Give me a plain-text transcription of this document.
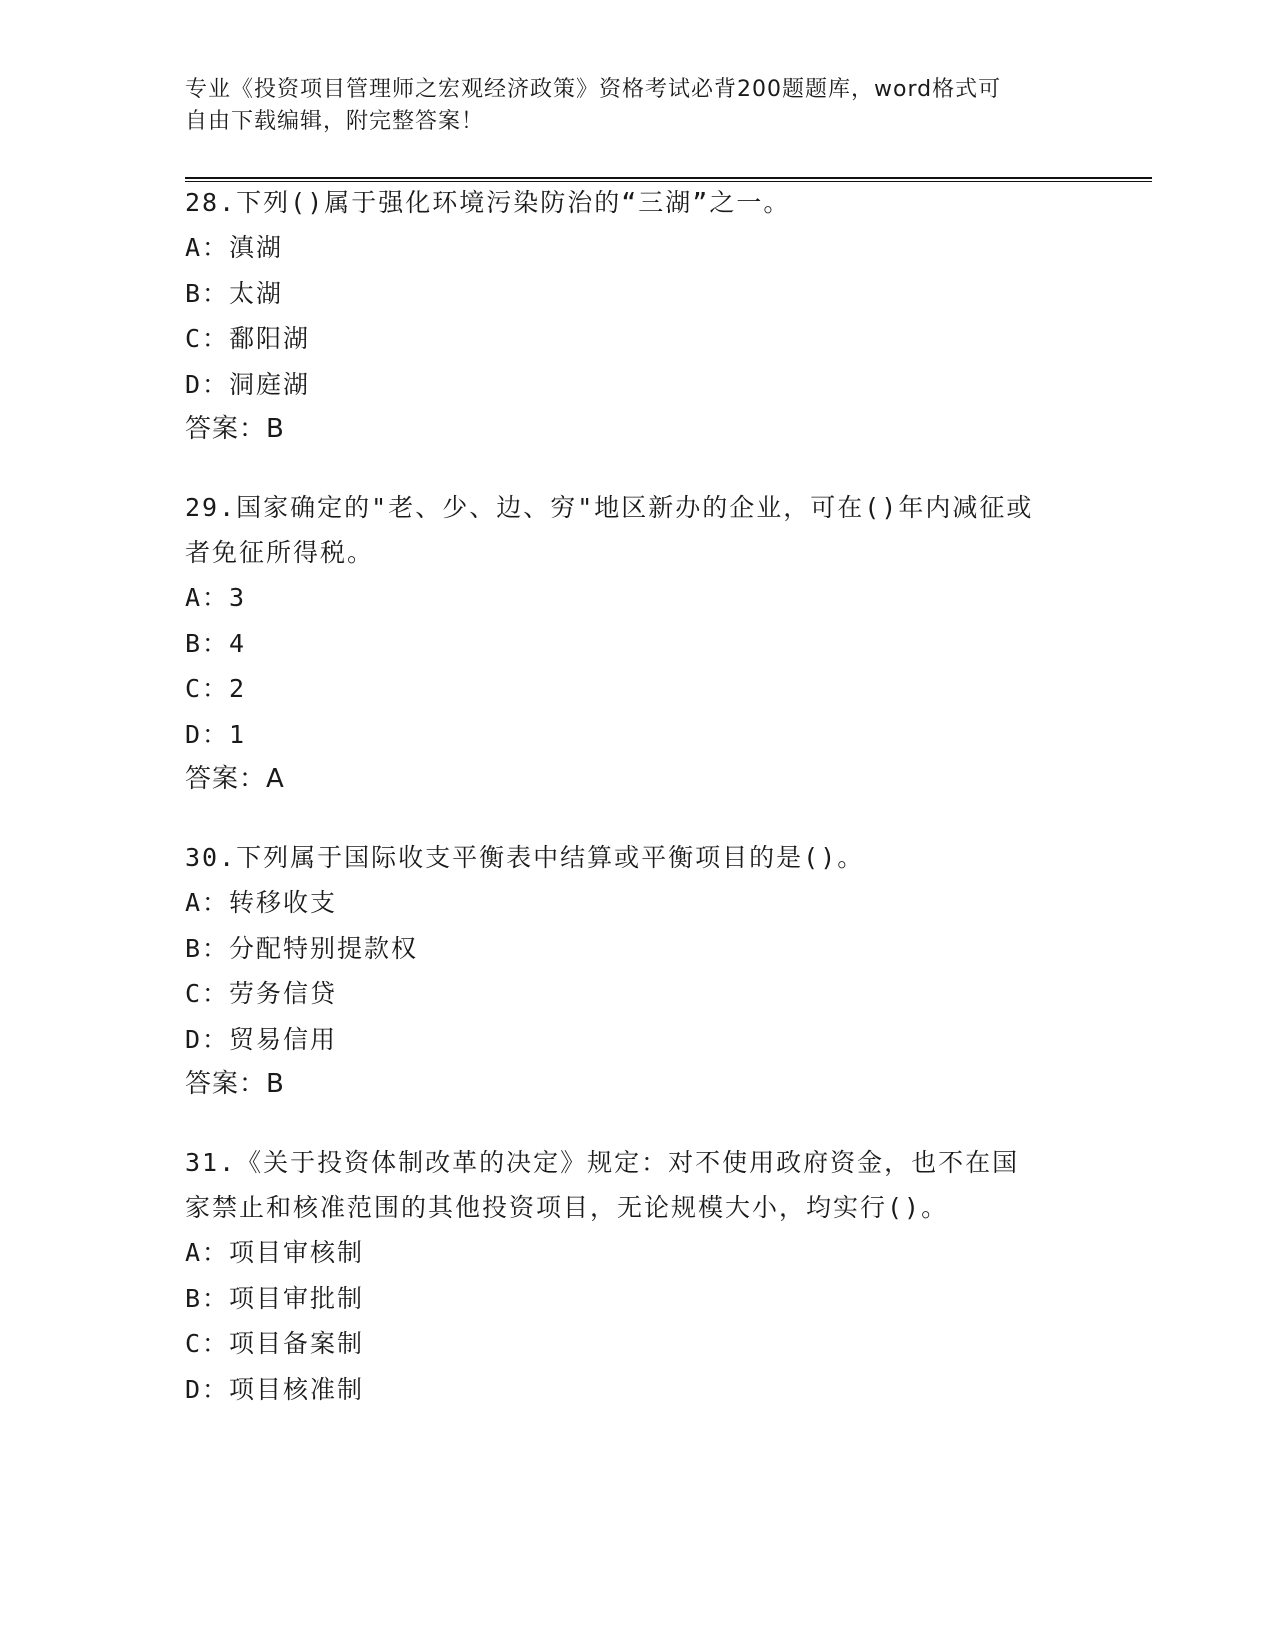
专业《投资项目管理师之宏观经济政策》资格考试必背200题题库，word格式可
自由下载编辑，附完整答案！
28.下列()属于强化环境污染防治的“三湖”之一。
A：滇湖
B：太湖
C：鄱阳湖
D：洞庭湖
答案：B
29.国家确定的"老、少、边、穷"地区新办的企业，可在()年内减征或
者免征所得税。
A：3
B：4
C：2
D：1
答案：A
30.下列属于国际收支平衡表中结算或平衡项目的是()。
A：转移收支
B：分配特别提款权
C：劳务信贷
D：贸易信用
答案：B
31.《关于投资体制改革的决定》规定：对不使用政府资金，也不在国
家禁止和核准范围的其他投资项目，无论规模大小，均实行()。
A：项目审核制
B：项目审批制
C：项目备案制
D：项目核准制
